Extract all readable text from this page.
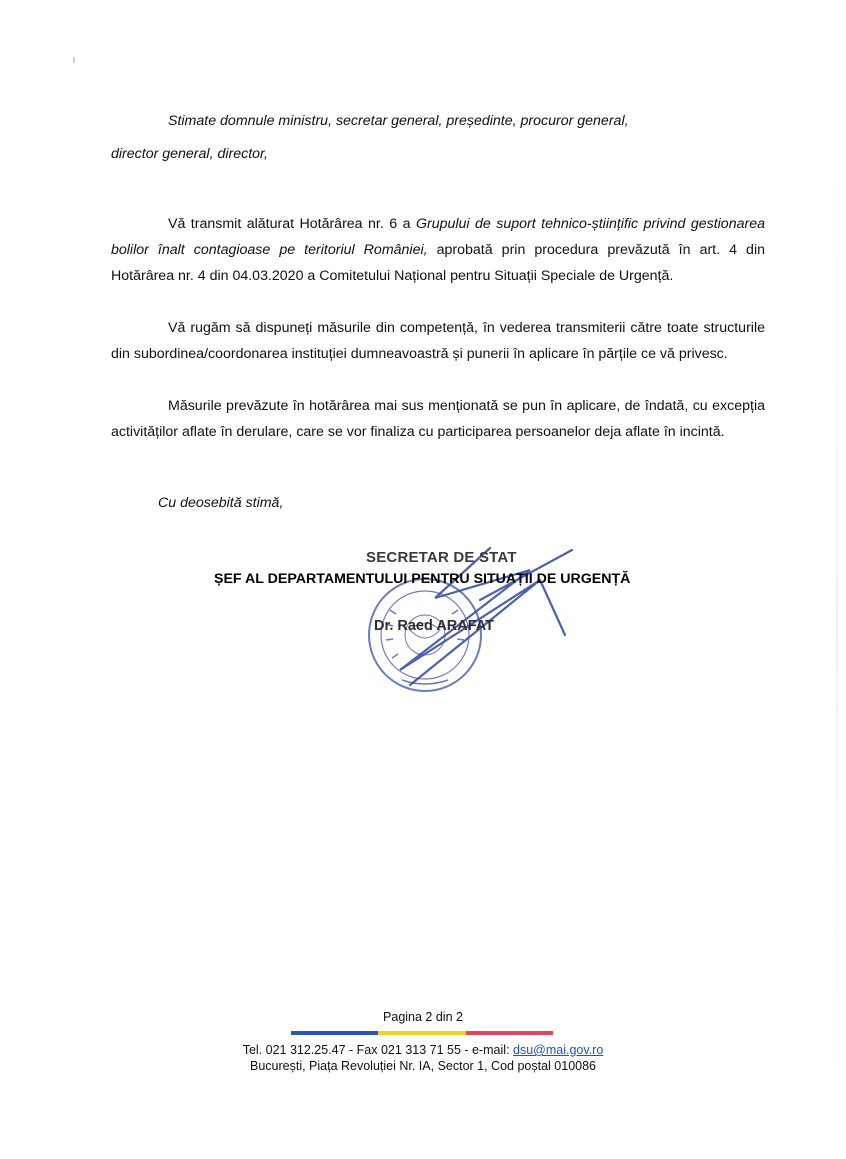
Stimate domnule ministru, secretar general, președinte, procuror general,
director general, director,

Vă transmit alăturat Hotărârea nr. 6 a Grupului de suport tehnico-științific privind gestionarea bolilor înalt contagioase pe teritoriul României, aprobată prin procedura prevăzută în art. 4 din Hotărârea nr. 4 din 04.03.2020 a Comitetului Național pentru Situații Speciale de Urgență.

Vă rugăm să dispuneți măsurile din competență, în vederea transmiterii către toate structurile din subordinea/coordonarea instituției dumneavoastră și punerii în aplicare în părțile ce vă privesc.

Măsurile prevăzute în hotărârea mai sus menționată se pun în aplicare, de îndată, cu excepția activităților aflate în derulare, care se vor finaliza cu participarea persoanelor deja aflate în incintă.

Cu deosebită stimă,
SECRETAR DE STAT
ȘEF AL DEPARTAMENTULUI PENTRU SITUAȚII DE URGENȚĂ
Dr. Raed ARAFAT
Pagina 2 din 2
Tel. 021 312.25.47 - Fax 021 313 71 55 - e-mail: dsu@mai.gov.ro
București, Piața Revoluției Nr. IA, Sector 1, Cod poștal 010086
